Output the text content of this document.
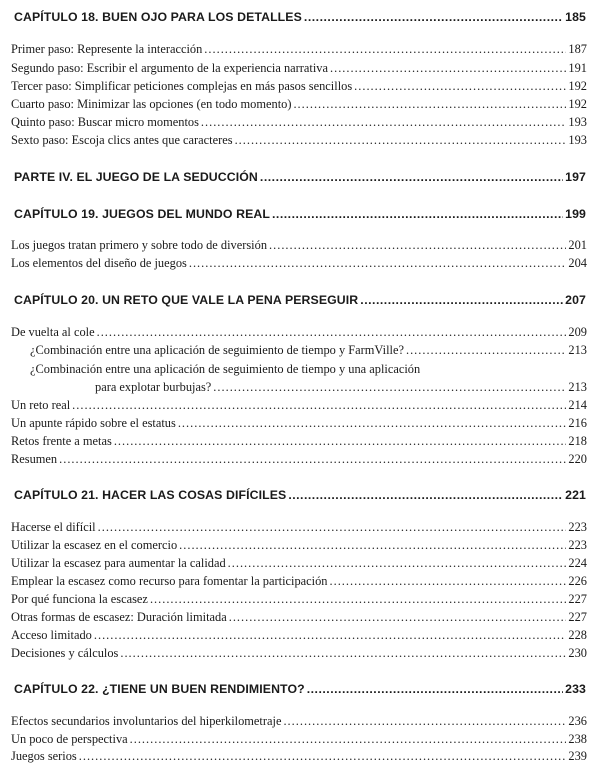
CAPÍTULO 18. BUEN OJO PARA LOS DETALLES .....	185
Primer paso: Represente la interacción .....	187
Segundo paso: Escribir el argumento de la experiencia narrativa .....	191
Tercer paso: Simplificar peticiones complejas en más pasos sencillos .....	192
Cuarto paso: Minimizar las opciones (en todo momento) .....	192
Quinto paso: Buscar micro momentos .....	193
Sexto paso: Escoja clics antes que caracteres .....	193
PARTE IV. EL JUEGO DE LA SEDUCCIÓN .....	197
CAPÍTULO 19. JUEGOS DEL MUNDO REAL .....	199
Los juegos tratan primero y sobre todo de diversión .....	201
Los elementos del diseño de juegos .....	204
CAPÍTULO 20. UN RETO QUE VALE LA PENA PERSEGUIR .....	207
De vuelta al cole .....	209
¿Combinación entre una aplicación de seguimiento de tiempo y FarmVille? .....	213
¿Combinación entre una aplicación de seguimiento de tiempo y una aplicación
para explotar burbujas? .....	213
Un reto real .....	214
Un apunte rápido sobre el estatus .....	216
Retos frente a metas .....	218
Resumen .....	220
CAPÍTULO 21. HACER LAS COSAS DIFÍCILES .....	221
Hacerse el difícil .....	223
Utilizar la escasez en el comercio .....	223
Utilizar la escasez para aumentar la calidad .....	224
Emplear la escasez como recurso para fomentar la participación .....	226
Por qué funciona la escasez .....	227
Otras formas de escasez: Duración limitada .....	227
Acceso limitado .....	228
Decisiones y cálculos .....	230
CAPÍTULO 22. ¿TIENE UN BUEN RENDIMIENTO? .....	233
Efectos secundarios involuntarios del hiperkilometraje .....	236
Un poco de perspectiva .....	238
Juegos serios .....	239
